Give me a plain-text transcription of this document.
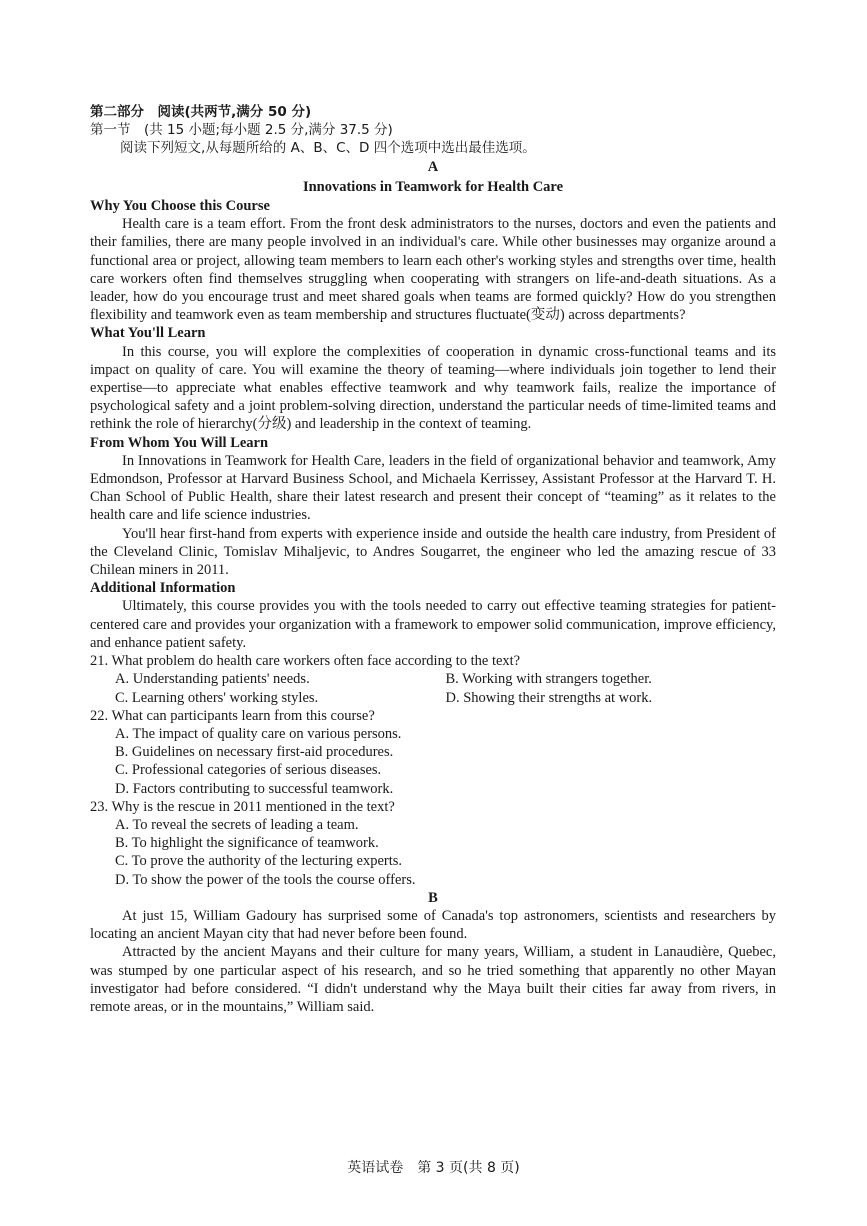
第二部分　阅读(共两节,满分 50 分)
第一节　(共 15 小题;每小题 2.5 分,满分 37.5 分)
阅读下列短文,从每题所给的 A、B、C、D 四个选项中选出最佳选项。
A
Innovations in Teamwork for Health Care
Why You Choose this Course

Health care is a team effort. From the front desk administrators to the nurses, doctors and even the patients and their families, there are many people involved in an individual's care. While other businesses may organize around a functional area or project, allowing team members to learn each other's working styles and strengths over time, health care workers often find themselves struggling when cooperating with strangers on life-and-death situations. As a leader, how do you encourage trust and meet shared goals when teams are formed quickly? How do you strengthen flexibility and teamwork even as team membership and structures fluctuate(变动) across departments?

What You'll Learn

In this course, you will explore the complexities of cooperation in dynamic cross-functional teams and its impact on quality of care. You will examine the theory of teaming—where individuals join together to lend their expertise—to appreciate what enables effective teamwork and why teamwork fails, realize the importance of psychological safety and a joint problem-solving direction, understand the particular needs of time-limited teams and rethink the role of hierarchy(分级) and leadership in the context of teaming.

From Whom You Will Learn

In Innovations in Teamwork for Health Care, leaders in the field of organizational behavior and teamwork, Amy Edmondson, Professor at Harvard Business School, and Michaela Kerrissey, Assistant Professor at the Harvard T. H. Chan School of Public Health, share their latest research and present their concept of “teaming” as it relates to the health care and life science industries.

You'll hear first-hand from experts with experience inside and outside the health care industry, from President of the Cleveland Clinic, Tomislav Mihaljevic, to Andres Sougarret, the engineer who led the amazing rescue of 33 Chilean miners in 2011.

Additional Information

Ultimately, this course provides you with the tools needed to carry out effective teaming strategies for patient-centered care and provides your organization with a framework to empower solid communication, improve efficiency, and enhance patient safety.

21. What problem do health care workers often face according to the text?
A. Understanding patients' needs.	B. Working with strangers together.
C. Learning others' working styles.	D. Showing their strengths at work.
22. What can participants learn from this course?
A. The impact of quality care on various persons.
B. Guidelines on necessary first-aid procedures.
C. Professional categories of serious diseases.
D. Factors contributing to successful teamwork.
23. Why is the rescue in 2011 mentioned in the text?
A. To reveal the secrets of leading a team.
B. To highlight the significance of teamwork.
C. To prove the authority of the lecturing experts.
D. To show the power of the tools the course offers.
B

At just 15, William Gadoury has surprised some of Canada's top astronomers, scientists and researchers by locating an ancient Mayan city that had never before been found.

Attracted by the ancient Mayans and their culture for many years, William, a student in Lanaudière, Quebec, was stumped by one particular aspect of his research, and so he tried something that apparently no other Mayan investigator had before considered. “I didn't understand why the Maya built their cities far away from rivers, in remote areas, or in the mountains,” William said.

英语试卷　第 3 页(共 8 页)
